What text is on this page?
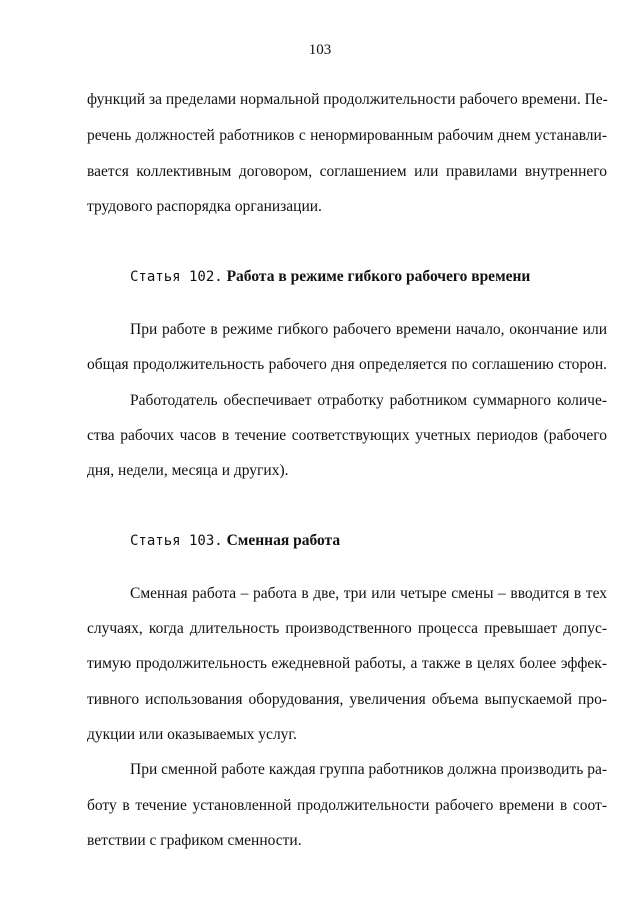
103
функций за пределами нормальной продолжительности рабочего времени. Пе-
речень должностей работников с ненормированным рабочим днем устанавли-
вается коллективным договором, соглашением или правилами внутреннего
трудового распорядка организации.
Статья 102. Работа в режиме гибкого рабочего времени
При работе в режиме гибкого рабочего времени начало, окончание или
общая продолжительность рабочего дня определяется по соглашению сторон.
Работодатель обеспечивает отработку работником суммарного количе-
ства рабочих часов в течение соответствующих учетных периодов (рабочего
дня, недели, месяца и других).
Статья 103. Сменная работа
Сменная работа – работа в две, три или четыре смены – вводится в тех
случаях, когда длительность производственного процесса превышает допус-
тимую продолжительность ежедневной работы, а также в целях более эффек-
тивного использования оборудования, увеличения объема выпускаемой про-
дукции или оказываемых услуг.
При сменной работе каждая группа работников должна производить ра-
боту в течение установленной продолжительности рабочего времени в соот-
ветствии с графиком сменности.
